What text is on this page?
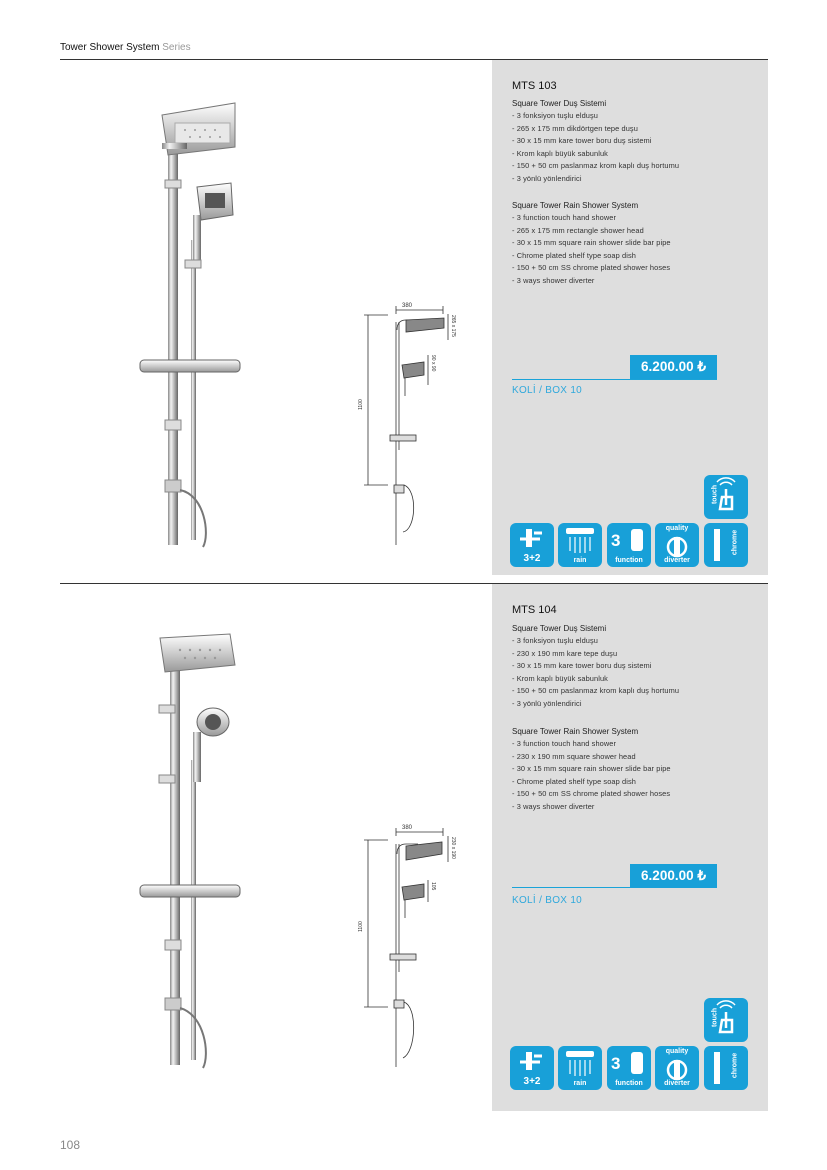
Tower Shower System Series
380
265 x 175
90 x 90
1100
MTS 103
Square Tower Duş Sistemi
- 3 fonksiyon tuşlu elduşu
- 265 x 175 mm dikdörtgen tepe duşu
- 30 x 15 mm kare tower boru duş sistemi
- Krom kaplı büyük sabunluk
- 150 + 50 cm paslanmaz krom kaplı duş hortumu
- 3 yönlü yönlendirici
Square Tower Rain Shower System
- 3 function touch hand shower
- 265 x 175 mm rectangle shower head
- 30 x 15 mm square rain shower slide bar pipe
- Chrome plated shelf type soap dish
- 150 + 50 cm SS chrome plated shower hoses
- 3 ways shower diverter
6.200.00 ₺
KOLİ / BOX 10
touch
3+2	rain
3
function
quality
diverter
chrome
380
230 x 190
105
1100
MTS 104
Square Tower Duş Sistemi
- 3 fonksiyon tuşlu elduşu
- 230 x 190 mm kare tepe duşu
- 30 x 15 mm kare tower boru duş sistemi
- Krom kaplı büyük sabunluk
- 150 + 50 cm paslanmaz krom kaplı duş hortumu
- 3 yönlü yönlendirici
Square Tower Rain Shower System
- 3 function touch hand shower
- 230 x 190 mm square shower head
- 30 x 15 mm square rain shower slide bar pipe
- Chrome plated shelf type soap dish
- 150 + 50 cm SS chrome plated shower hoses
- 3 ways shower diverter
6.200.00 ₺
KOLİ / BOX 10
touch
3+2	rain
3
function
quality
diverter
chrome
108
